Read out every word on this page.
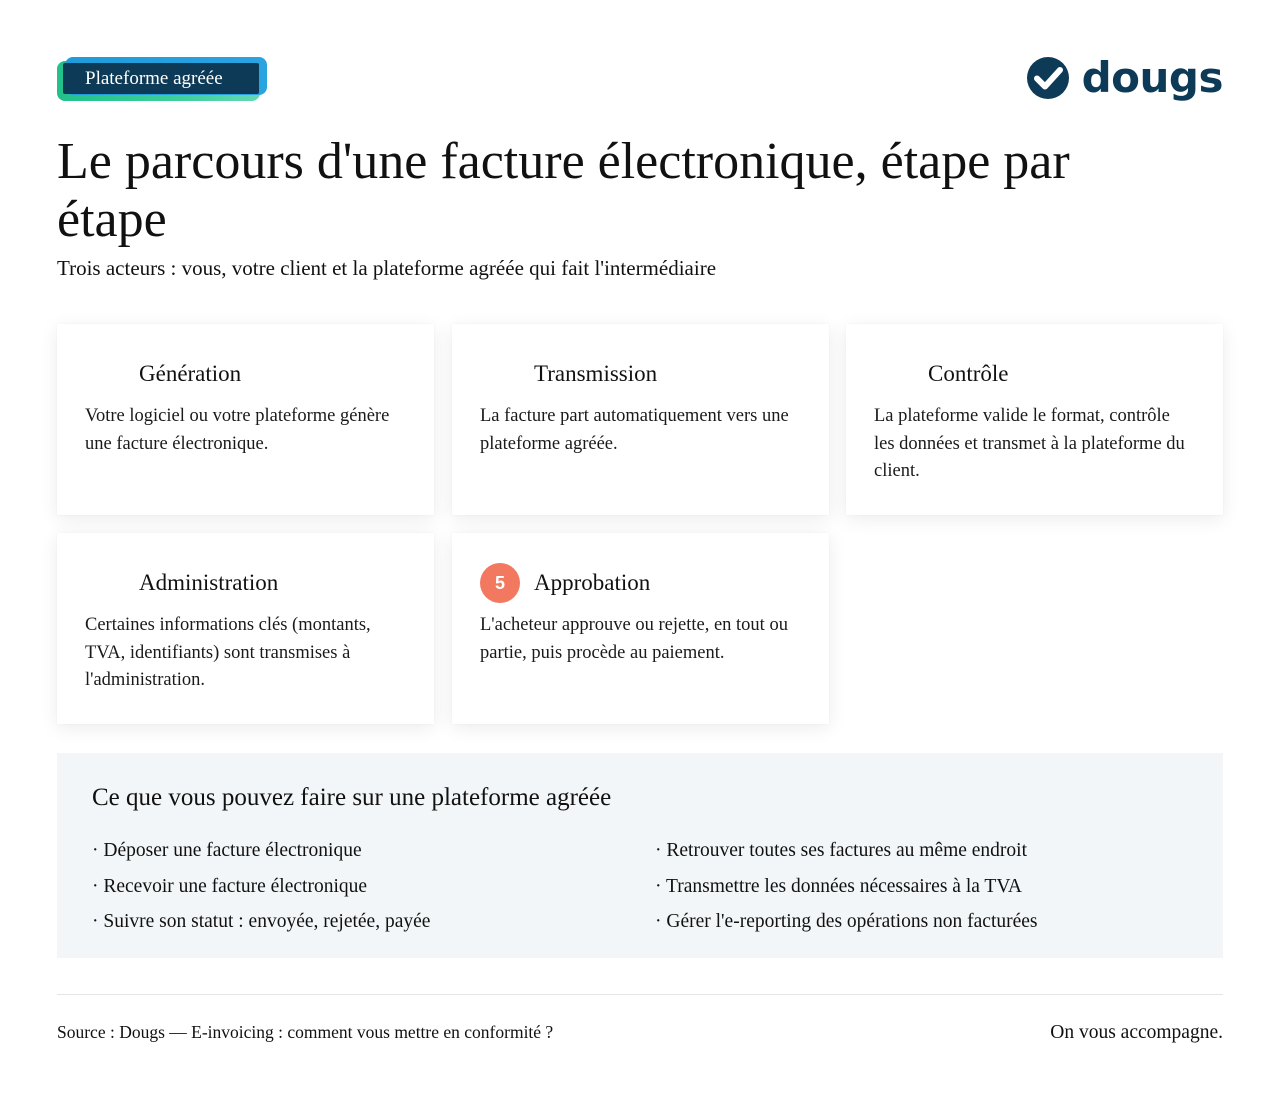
Plateforme agréée	dougs
Le parcours d'une facture électronique, étape par étape
Trois acteurs : vous, votre client et la plateforme agréée qui fait l'intermédiaire
Génération
Votre logiciel ou votre plateforme génère une facture électronique.
Transmission
La facture part automatiquement vers une plateforme agréée.
Contrôle
La plateforme valide le format, contrôle les données et transmet à la plateforme du client.
Administration
Certaines informations clés (montants, TVA, identifiants) sont transmises à l'administration.
5	Approbation
L'acheteur approuve ou rejette, en tout ou partie, puis procède au paiement.
Ce que vous pouvez faire sur une plateforme agréée
· Déposer une facture électronique
· Recevoir une facture électronique
· Suivre son statut : envoyée, rejetée, payée
· Retrouver toutes ses factures au même endroit
· Transmettre les données nécessaires à la TVA
· Gérer l'e-reporting des opérations non facturées
Source : Dougs — E-invoicing : comment vous mettre en conformité ?	On vous accompagne.
